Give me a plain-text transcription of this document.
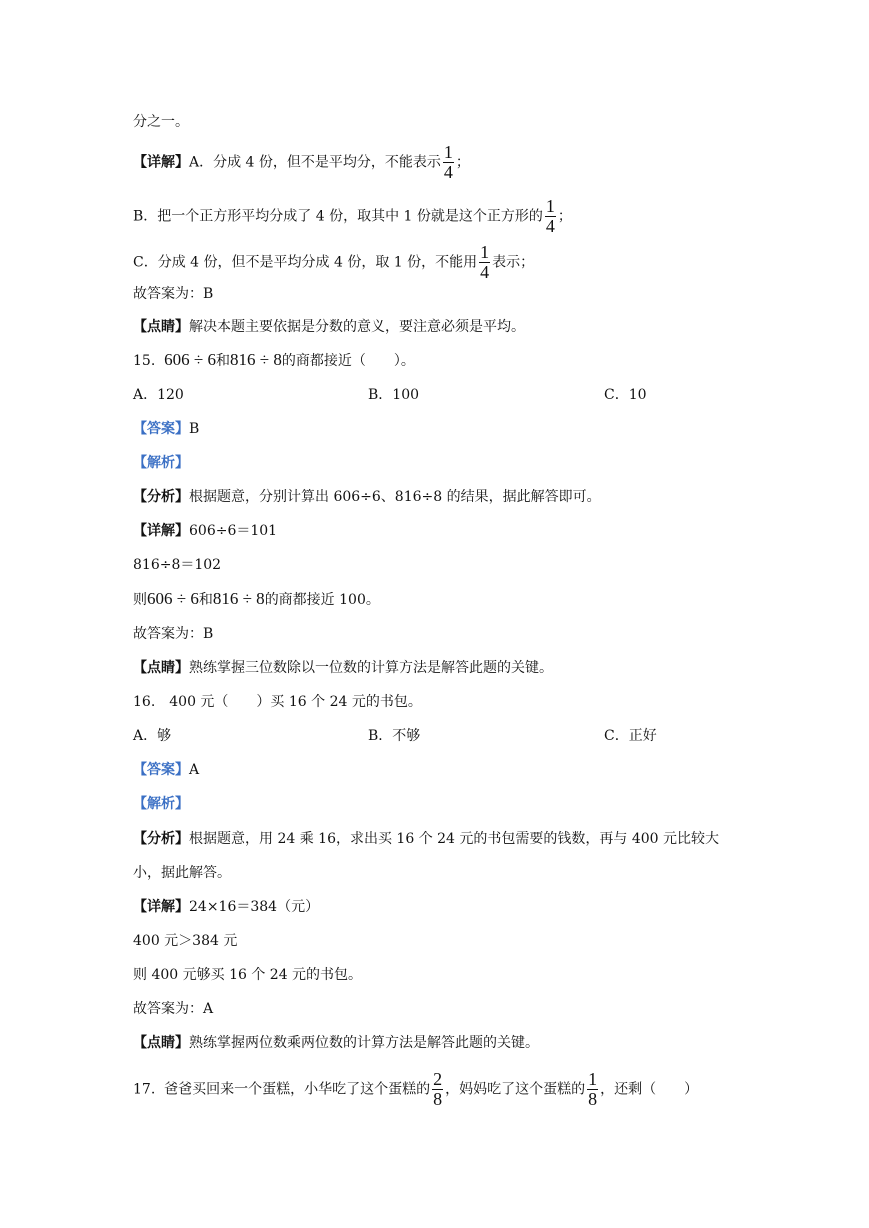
分之一。
【详解】A．分成 4 份，但不是平均分，不能表示 $\frac{1}{4}$ ；
B．把一个正方形平均分成了 4 份，取其中 1 份就是这个正方形的 $\frac{1}{4}$ ；
C．分成 4 份，但不是平均分成 4 份，取 1 份，不能用 $\frac{1}{4}$ 表示；
故答案为：B
【点睛】解决本题主要依据是分数的意义，要注意必须是平均。
15. 606 ÷ 6和816 ÷ 8的商都接近（　　）。
A．120	B．100	C．10
【答案】B
【解析】
【分析】根据题意，分别计算出 606÷6、816÷8 的结果，据此解答即可。
【详解】606÷6＝101
816÷8＝102
则606 ÷ 6和816 ÷ 8的商都接近 100。
故答案为：B
【点睛】熟练掌握三位数除以一位数的计算方法是解答此题的关键。
16.　400 元（　　）买 16 个 24 元的书包。
A．够	B．不够	C．正好
【答案】A
【解析】
【分析】根据题意，用 24 乘 16，求出买 16 个 24 元的书包需要的钱数，再与 400 元比较大
小，据此解答。
【详解】24×16＝384（元）
400 元＞384 元
则 400 元够买 16 个 24 元的书包。
故答案为：A
【点睛】熟练掌握两位数乘两位数的计算方法是解答此题的关键。
17. 爸爸买回来一个蛋糕，小华吃了这个蛋糕的 $\frac{2}{8}$ ，妈妈吃了这个蛋糕的 $\frac{1}{8}$ ，还剩（　　）
